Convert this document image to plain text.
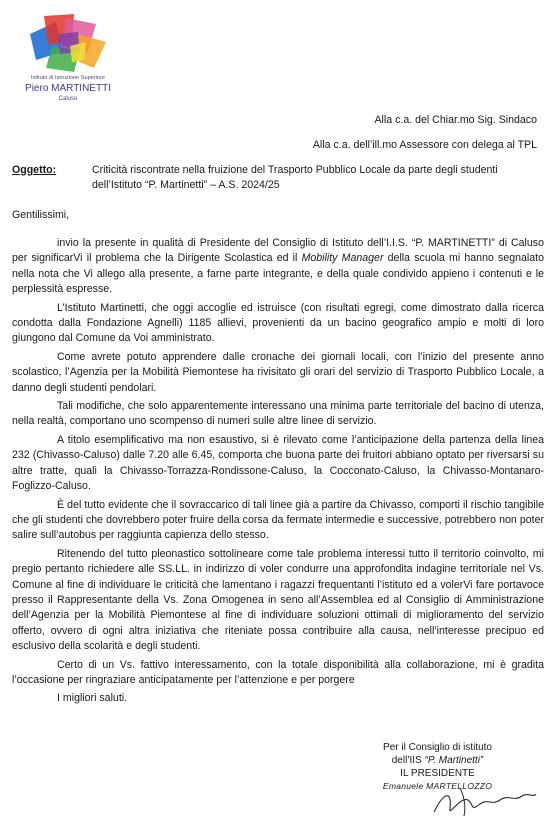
Istituto di Istruzione Superiore
Piero MARTINETTI
Caluso
Alla c.a. del Chiar.mo Sig. Sindaco
Alla c.a. dell’ill.mo Assessore con delega al TPL
Oggetto:	Criticità riscontrate nella fruizione del Trasporto Pubblico Locale da parte degli studenti dell’Istituto “P. Martinetti” – A.S. 2024/25
Gentilissimi,

invio la presente in qualità di Presidente del Consiglio di Istituto dell’I.I.S. “P. MARTINETTI” di Caluso per significarVi il problema che la Dirigente Scolastica ed il Mobility Manager della scuola mi hanno segnalato nella nota che Vi allego alla presente, a farne parte integrante, e della quale condivido appieno i contenuti e le perplessità espresse.

L’Istituto Martinetti, che oggi accoglie ed istruisce (con risultati egregi, come dimostrato dalla ricerca condotta dalla Fondazione Agnelli) 1185 allievi, provenienti da un bacino geografico ampio e molti di loro giungono dal Comune da Voi amministrato.

Come avrete potuto apprendere dalle cronache dei giornali locali, con l’inizio del presente anno scolastico, l’Agenzia per la Mobilità Piemontese ha rivisitato gli orari del servizio di Trasporto Pubblico Locale, a danno degli studenti pendolari.

Tali modifiche, che solo apparentemente interessano una minima parte territoriale del bacino di utenza, nella realtà, comportano uno scompenso di numeri sulle altre linee di servizio.

A titolo esemplificativo ma non esaustivo, si è rilevato come l’anticipazione della partenza della linea 232 (Chivasso-Caluso) dalle 7.20 alle 6.45, comporta che buona parte dei fruitori abbiano optato per riversarsi su altre tratte, quali la Chivasso-Torrazza-Rondissone-Caluso, la Cocconato-Caluso, la Chivasso-Montanaro-Foglizzo-Caluso.

È del tutto evidente che il sovraccarico di tali linee già a partire da Chivasso, comporti il rischio tangibile che gli studenti che dovrebbero poter fruire della corsa da fermate intermedie e successive, potrebbero non poter salire sull’autobus per raggiunta capienza dello stesso.

Ritenendo del tutto pleonastico sottolineare come tale problema interessi tutto il territorio coinvolto, mi pregio pertanto richiedere alle SS.LL. in indirizzo di voler condurre una approfondita indagine territoriale nel Vs. Comune al fine di individuare le criticità che lamentano i ragazzi frequentanti l’istituto ed a volerVi fare portavoce presso il Rappresentante della Vs. Zona Omogenea in seno all’Assemblea ed al Consiglio di Amministrazione dell’Agenzia per la Mobilità Piemontese al fine di individuare soluzioni ottimali di miglioramento del servizio offerto, ovvero di ogni altra iniziativa che riteniate possa contribuire alla causa, nell’interesse precipuo ed esclusivo della scolarità e degli studenti.

Certo di un Vs. fattivo interessamento, con la totale disponibilità alla collaborazione, mi è gradita l’occasione per ringraziare anticipatamente per l’attenzione e per porgere

I migliori saluti.

Per il Consiglio di istituto
dell’IIS “P. Martinetti”
IL PRESIDENTE
Emanuele MARTELLOZZO
